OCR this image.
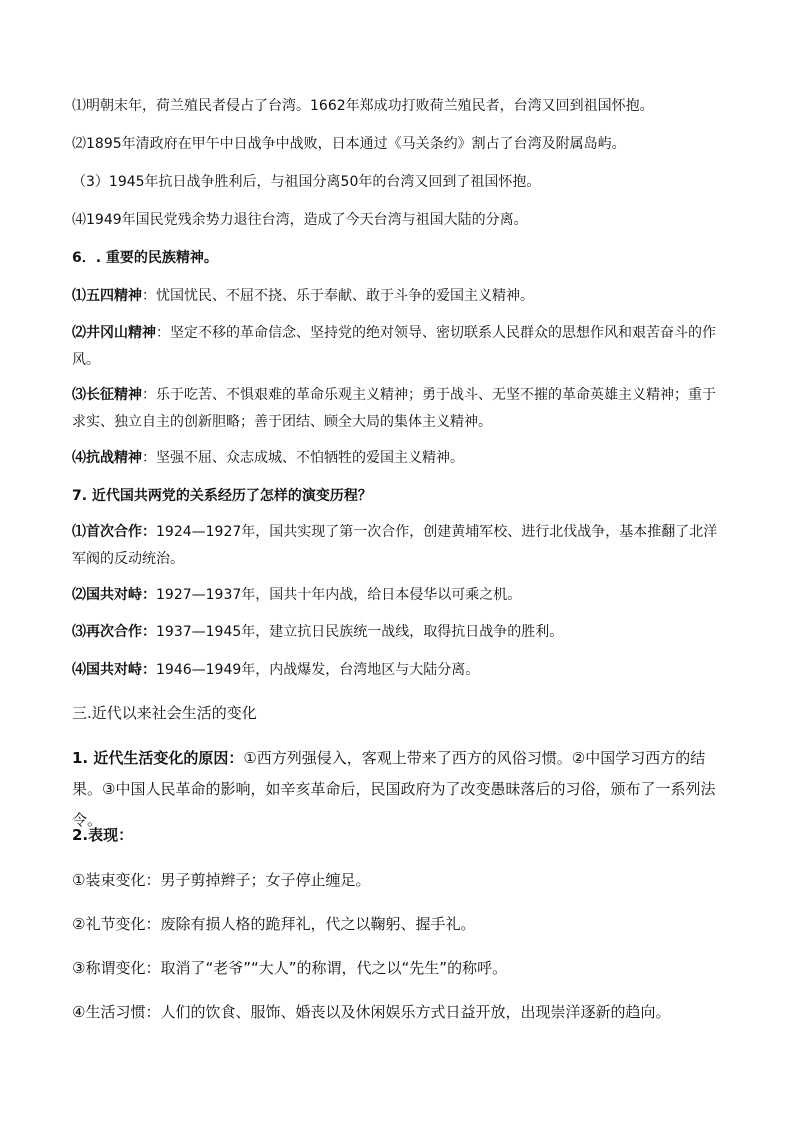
⑴明朝末年，荷兰殖民者侵占了台湾。1662年郑成功打败荷兰殖民者，台湾又回到祖国怀抱。
⑵1895年清政府在甲午中日战争中战败，日本通过《马关条约》割占了台湾及附属岛屿。
（3）1945年抗日战争胜利后，与祖国分离50年的台湾又回到了祖国怀抱。
⑷1949年国民党残余势力退往台湾，造成了今天台湾与祖国大陆的分离。
6．. 重要的民族精神。
⑴五四精神：忧国忧民、不屈不挠、乐于奉献、敢于斗争的爱国主义精神。
⑵井冈山精神：坚定不移的革命信念、坚持党的绝对领导、密切联系人民群众的思想作风和艰苦奋斗的作风。
⑶长征精神：乐于吃苦、不惧艰难的革命乐观主义精神；勇于战斗、无坚不摧的革命英雄主义精神；重于求实、独立自主的创新胆略；善于团结、顾全大局的集体主义精神。
⑷抗战精神：坚强不屈、众志成城、不怕牺牲的爱国主义精神。
7. 近代国共两党的关系经历了怎样的演变历程？
⑴首次合作：1924—1927年，国共实现了第一次合作，创建黄埔军校、进行北伐战争，基本推翻了北洋军阀的反动统治。
⑵国共对峙：1927—1937年，国共十年内战，给日本侵华以可乘之机。
⑶再次合作：1937—1945年，建立抗日民族统一战线，取得抗日战争的胜利。
⑷国共对峙：1946—1949年，内战爆发，台湾地区与大陆分离。
三.近代以来社会生活的变化
1. 近代生活变化的原因：①西方列强侵入，客观上带来了西方的风俗习惯。②中国学习西方的结果。③中国人民革命的影响，如辛亥革命后，民国政府为了改变愚昧落后的习俗，颁布了一系列法令。
2.表现：
①装束变化：男子剪掉辫子；女子停止缠足。
②礼节变化：废除有损人格的跪拜礼，代之以鞠躬、握手礼。
③称谓变化：取消了“老爷”“大人”的称谓，代之以“先生”的称呼。
④生活习惯：人们的饮食、服饰、婚丧以及休闲娱乐方式日益开放，出现崇洋逐新的趋向。
